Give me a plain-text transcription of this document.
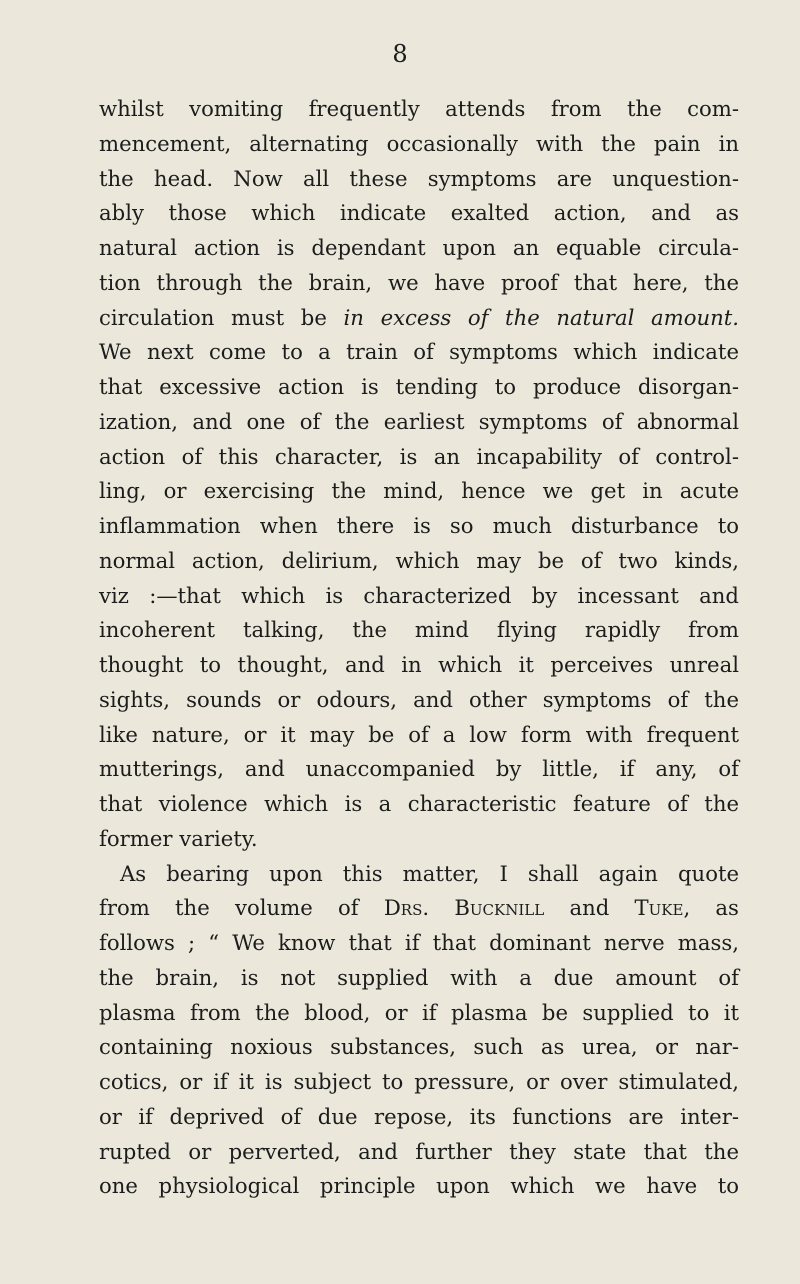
8
whilst vomiting frequently attends from the com-
mencement, alternating occasionally with the pain in
the head. Now all these symptoms are unquestion-
ably those which indicate exalted action, and as
natural action is dependant upon an equable circula-
tion through the brain, we have proof that here, the
circulation must be in excess of the natural amount.
We next come to a train of symptoms which indicate
that excessive action is tending to produce disorgan-
ization, and one of the earliest symptoms of abnormal
action of this character, is an incapability of control-
ling, or exercising the mind, hence we get in acute
inflammation when there is so much disturbance to
normal action, delirium, which may be of two kinds,
viz :—that which is characterized by incessant and
incoherent talking, the mind flying rapidly from
thought to thought, and in which it perceives unreal
sights, sounds or odours, and other symptoms of the
like nature, or it may be of a low form with frequent
mutterings, and unaccompanied by little, if any, of
that violence which is a characteristic feature of the
former variety.
As bearing upon this matter, I shall again quote
from the volume of Drs. Bucknill and Tuke, as
follows ; “ We know that if that dominant nerve mass,
the brain, is not supplied with a due amount of
plasma from the blood, or if plasma be supplied to it
containing noxious substances, such as urea, or nar-
cotics, or if it is subject to pressure, or over stimulated,
or if deprived of due repose, its functions are inter-
rupted or perverted, and further they state that the
one physiological principle upon which we have to
